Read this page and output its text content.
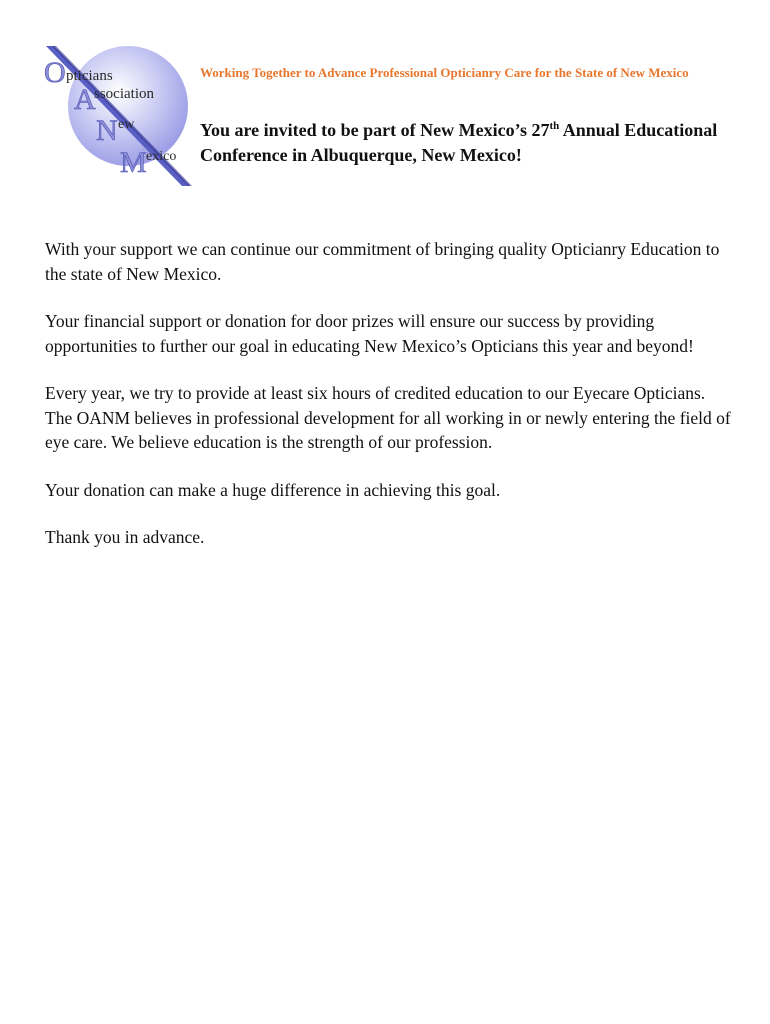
O pticians
A
ssociation
N ew
M exico
Working Together to Advance Professional Opticianry Care for the State of New Mexico
You are invited to be part of New Mexico’s 27th Annual Educational Conference in Albuquerque, New Mexico!

With your support we can continue our commitment of bringing quality Opticianry Education to the state of New Mexico.

Your financial support or donation for door prizes will ensure our success by providing opportunities to further our goal in educating New Mexico’s Opticians this year and beyond!

Every year, we try to provide at least six hours of credited education to our Eyecare Opticians. The OANM believes in professional development for all working in or newly entering the field of eye care. We believe education is the strength of our profession.

Your donation can make a huge difference in achieving this goal.

Thank you in advance.
